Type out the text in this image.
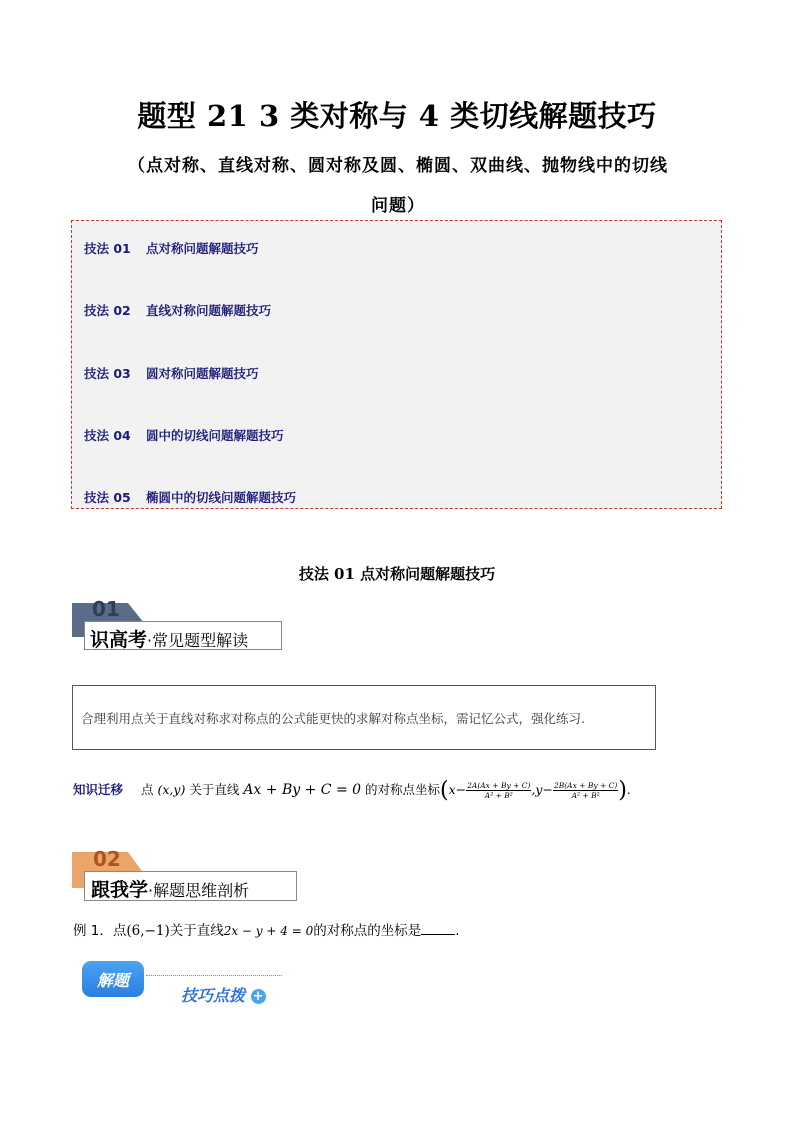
题型 21 3 类对称与 4 类切线解题技巧
（点对称、直线对称、圆对称及圆、椭圆、双曲线、抛物线中的切线
问题）
技法 01 点对称问题解题技巧
技法 02 直线对称问题解题技巧
技法 03 圆对称问题解题技巧
技法 04 圆中的切线问题解题技巧
技法 05 椭圆中的切线问题解题技巧
技法 01 点对称问题解题技巧
01
识高考·常见题型解读
合理利用点关于直线对称求对称点的公式能更快的求解对称点坐标，需记忆公式，强化练习.
知识迁移 点 (x,y) 关于直线 Ax + By + C = 0 的对称点坐标($x- \frac{2A(Ax + By + C)}{\text{A² + B²}} ,y- \frac{2B(Ax + By + C)}{\text{A² + B²}}$ ).
02
跟我学·解题思维剖析
例 1．点(6,−1)关于直线2x − y + 4 = 0的对称点的坐标是	.
解题
技巧点拨 +
